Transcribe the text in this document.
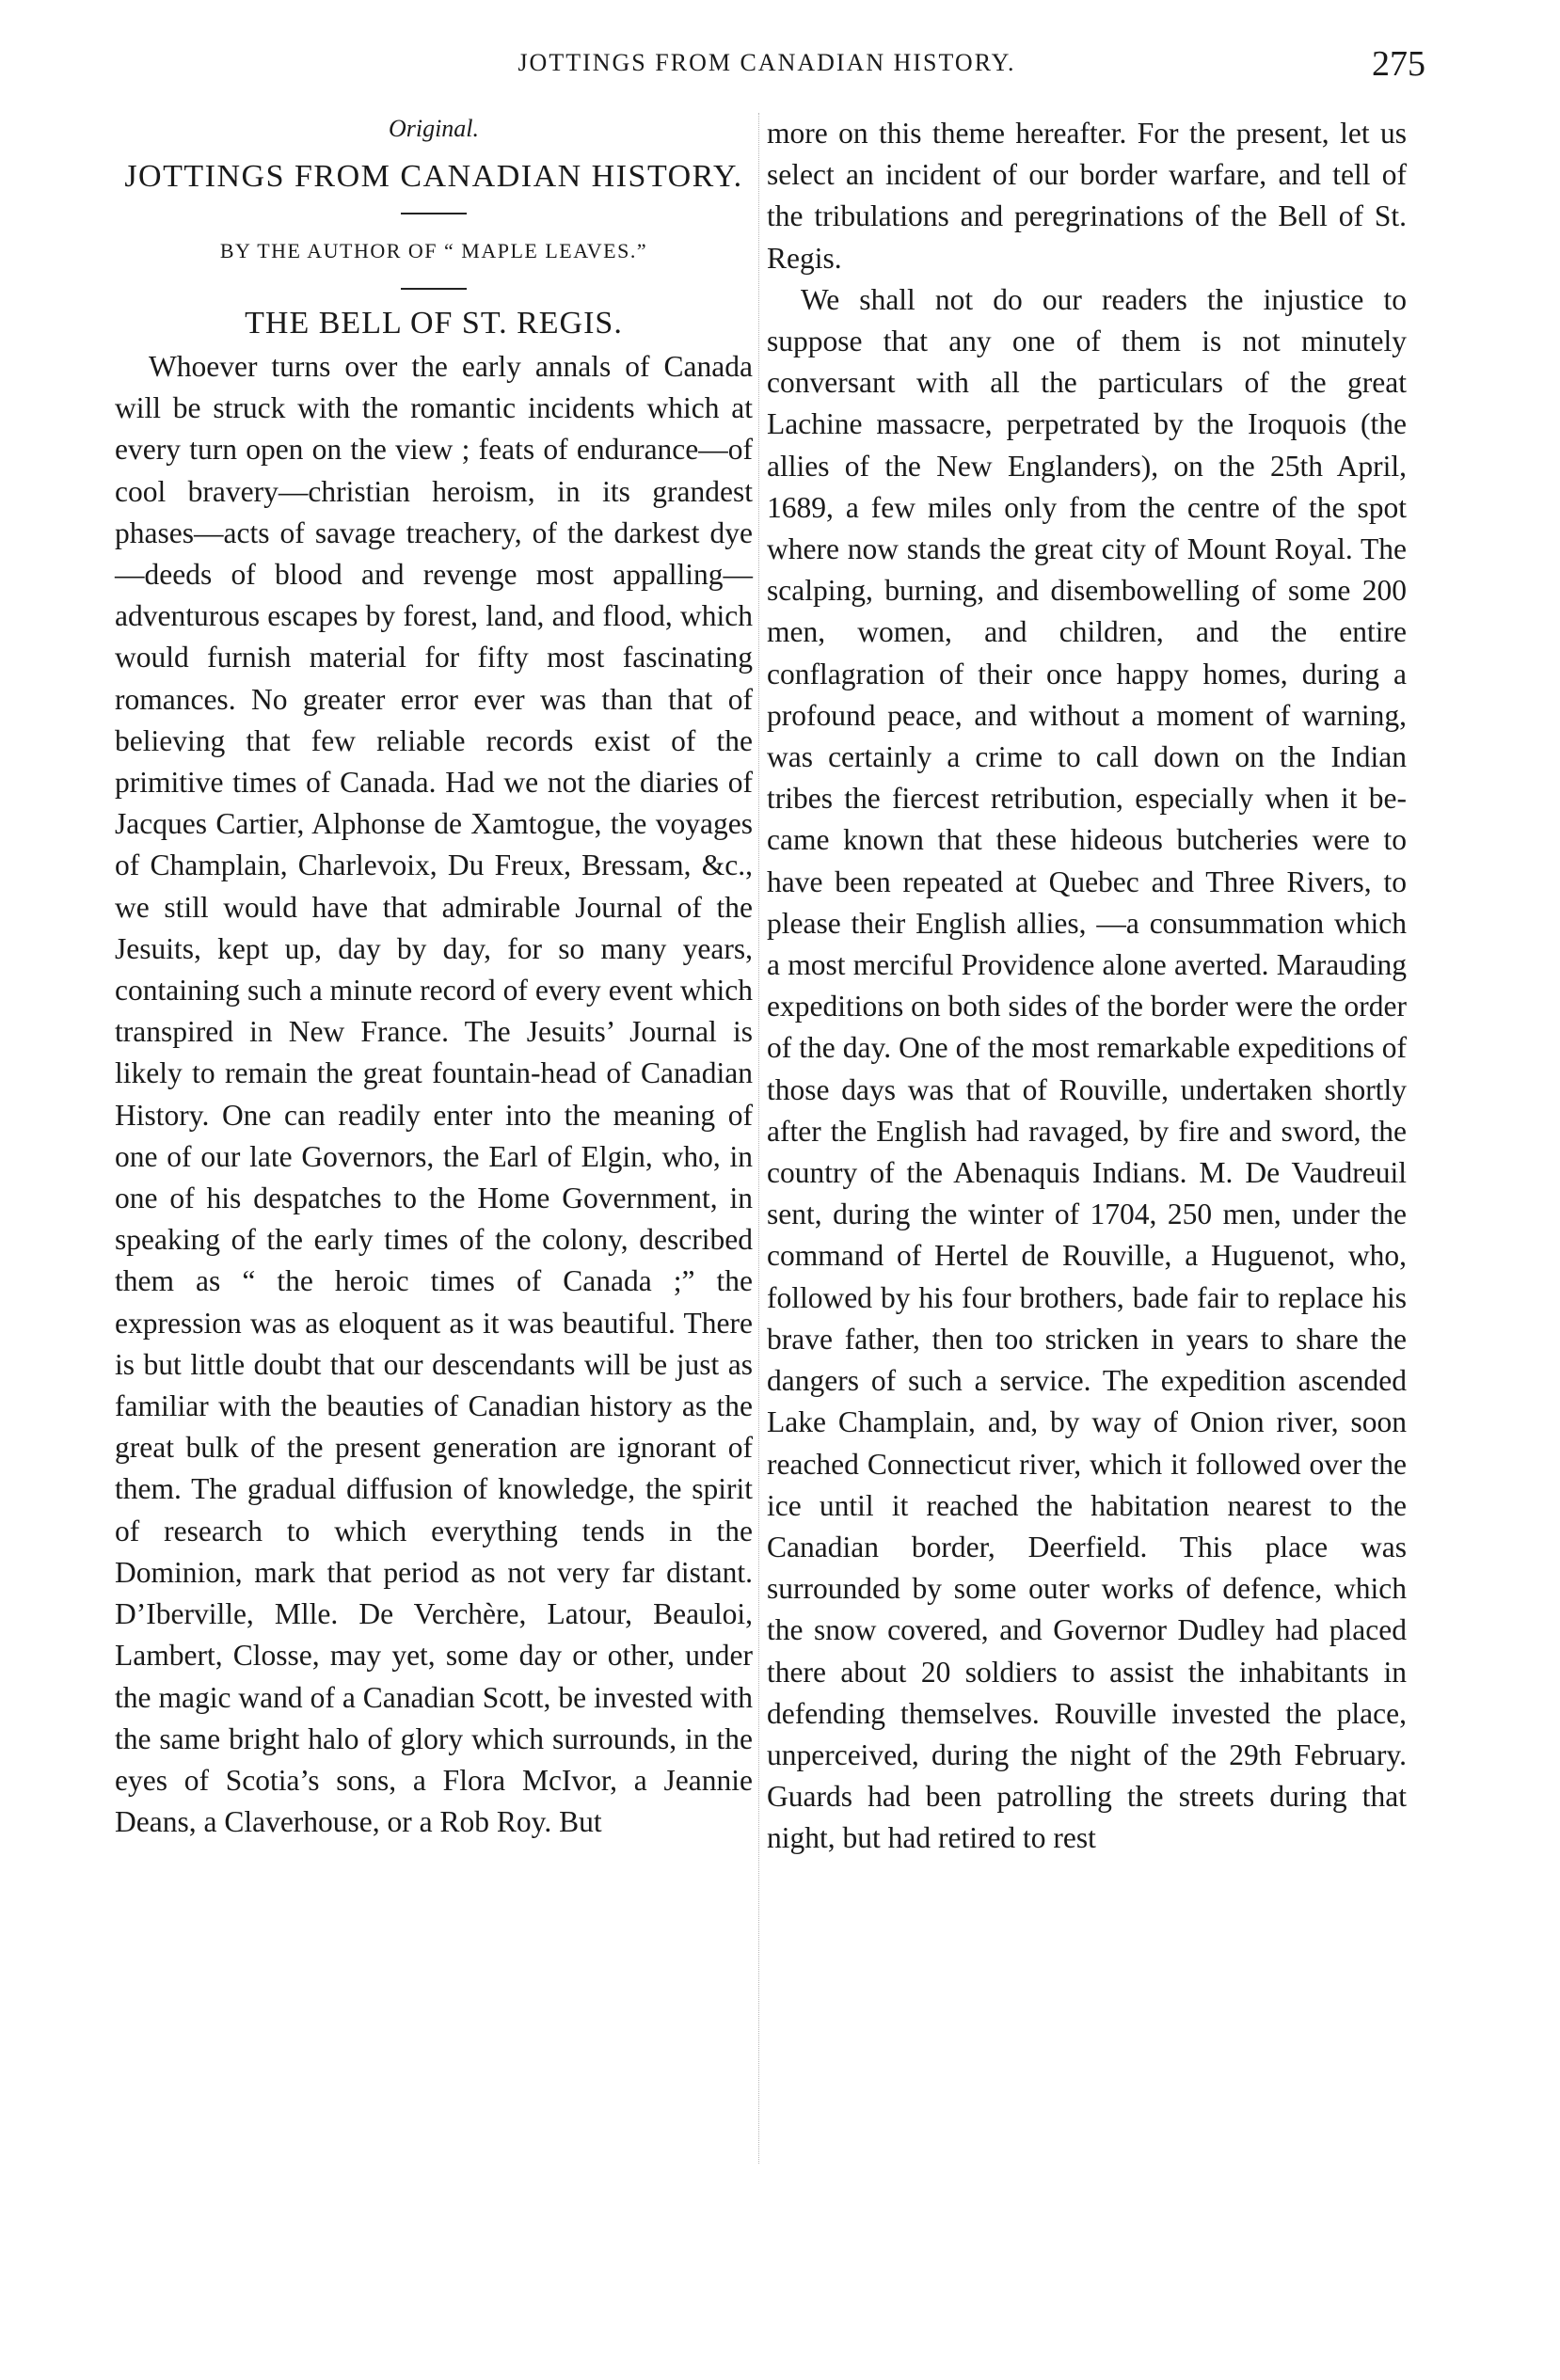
JOTTINGS FROM CANADIAN HISTORY.	275
Original.
JOTTINGS FROM CANADIAN HISTORY.
BY THE AUTHOR OF “ MAPLE LEAVES.”
THE BELL OF ST. REGIS.

Whoever turns over the early annals of Canada will be struck with the romantic incidents which at every turn open on the view ; feats of endurance—of cool bravery—christian heroism, in its grandest phases—acts of savage treachery, of the darkest dye—deeds of blood and revenge most appalling—adventurous escapes by forest, land, and flood, which would furnish material for fifty most fascinating romances. No greater error ever was than that of believing that few reliable records exist of the primitive times of Canada. Had we not the diaries of Jacques Cartier, Alphonse de Xamtogue, the voyages of Champlain, Charlevoix, Du Freux, Bressam, &c., we still would have that admirable Journal of the Jesuits, kept up, day by day, for so many years, containing such a minute record of every event which transpired in New France. The Jesuits’ Journal is likely to remain the great fountain-head of Canadian History. One can readily enter into the meaning of one of our late Governors, the Earl of Elgin, who, in one of his despatches to the Home Government, in speaking of the early times of the colony, described them as “ the heroic times of Canada ;” the expression was as eloquent as it was beautiful. There is but little doubt that our descendants will be just as familiar with the beauties of Canadian history as the great bulk of the present generation are ignorant of them. The gradual diffusion of knowledge, the spirit of research to which everything tends in the Dominion, mark that period as not very far distant. D’Iberville, Mlle. De Verchère, Latour, Beauloi, Lambert, Closse, may yet, some day or other, under the magic wand of a Canadian Scott, be invested with the same bright halo of glory which surrounds, in the eyes of Scotia’s sons, a Flora McIvor, a Jeannie Deans, a Claverhouse, or a Rob Roy. But

more on this theme hereafter. For the present, let us select an incident of our border warfare, and tell of the tribulations and peregrinations of the Bell of St. Regis.

We shall not do our readers the injustice to suppose that any one of them is not minutely conversant with all the particulars of the great Lachine massacre, perpetrated by the Iroquois (the allies of the New Englanders), on the 25th April, 1689, a few miles only from the centre of the spot where now stands the great city of Mount Royal. The scalping, burning, and disembowelling of some 200 men, women, and children, and the entire conflagration of their once happy homes, during a profound peace, and without a moment of warning, was certainly a crime to call down on the Indian tribes the fiercest retribution, especially when it became known that these hideous butcheries were to have been repeated at Quebec and Three Rivers, to please their English allies, —a consummation which a most merciful Providence alone averted. Marauding expeditions on both sides of the border were the order of the day. One of the most remarkable expeditions of those days was that of Rouville, undertaken shortly after the English had ravaged, by fire and sword, the country of the Abenaquis Indians. M. De Vaudreuil sent, during the winter of 1704, 250 men, under the command of Hertel de Rouville, a Huguenot, who, followed by his four brothers, bade fair to replace his brave father, then too stricken in years to share the dangers of such a service. The expedition ascended Lake Champlain, and, by way of Onion river, soon reached Connecticut river, which it followed over the ice until it reached the habitation nearest to the Canadian border, Deerfield. This place was surrounded by some outer works of defence, which the snow covered, and Governor Dudley had placed there about 20 soldiers to assist the inhabitants in defending themselves. Rouville invested the place, unperceived, during the night of the 29th February. Guards had been patrolling the streets during that night, but had retired to rest
